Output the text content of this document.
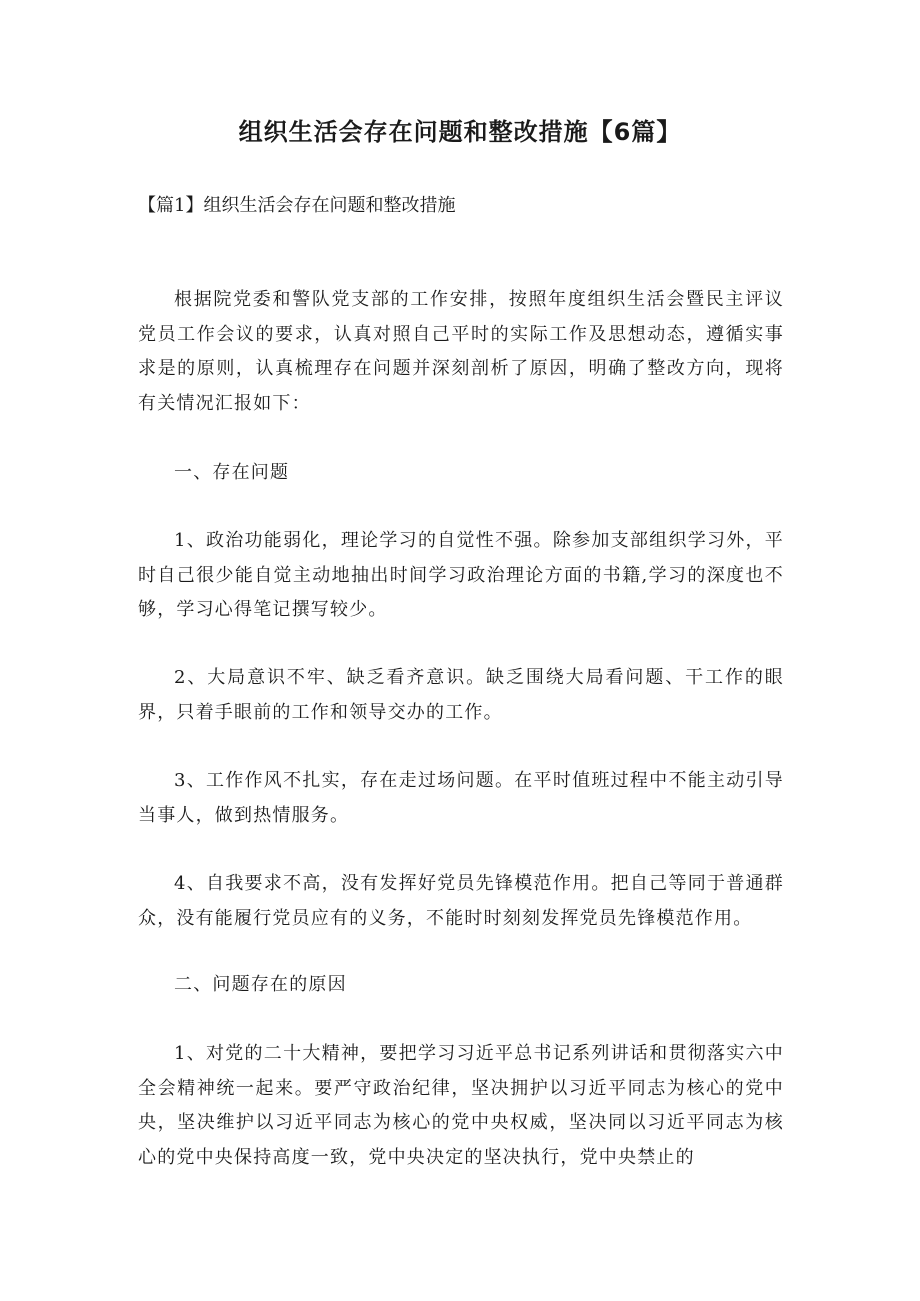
组织生活会存在问题和整改措施【6篇】

【篇1】组织生活会存在问题和整改措施

根据院党委和警队党支部的工作安排，按照年度组织生活会暨民主评议党员工作会议的要求，认真对照自己平时的实际工作及思想动态，遵循实事求是的原则，认真梳理存在问题并深刻剖析了原因，明确了整改方向，现将有关情况汇报如下：

一、存在问题

1、政治功能弱化，理论学习的自觉性不强。除参加支部组织学习外，平时自己很少能自觉主动地抽出时间学习政治理论方面的书籍,学习的深度也不够，学习心得笔记撰写较少。

2、大局意识不牢、缺乏看齐意识。缺乏围绕大局看问题、干工作的眼界，只着手眼前的工作和领导交办的工作。

3、工作作风不扎实，存在走过场问题。在平时值班过程中不能主动引导当事人，做到热情服务。

4、自我要求不高，没有发挥好党员先锋模范作用。把自己等同于普通群众，没有能履行党员应有的义务，不能时时刻刻发挥党员先锋模范作用。

二、问题存在的原因

1、对党的二十大精神，要把学习习近平总书记系列讲话和贯彻落实六中全会精神统一起来。要严守政治纪律，坚决拥护以习近平同志为核心的党中央，坚决维护以习近平同志为核心的党中央权威，坚决同以习近平同志为核心的党中央保持高度一致，党中央决定的坚决执行，党中央禁止的
